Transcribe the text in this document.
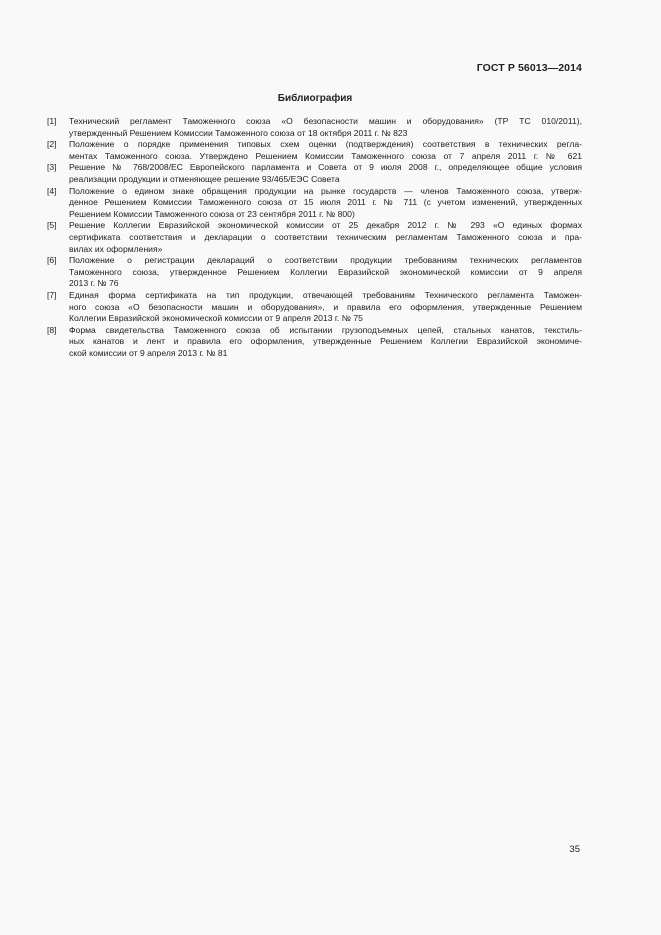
ГОСТ Р 56013—2014
Библиография
[1]	Технический регламент Таможенного союза «О безопасности машин и оборудования» (ТР ТС 010/2011),
утвержденный Решением Комиссии Таможенного союза от 18 октября 2011 г. № 823
[2]	Положение о порядке применения типовых схем оценки (подтверждения) соответствия в технических регла-
ментах Таможенного союза. Утверждено Решением Комиссии Таможенного союза от 7 апреля 2011 г. № 621
[3]	Решение № 768/2008/ЕС Европейского парламента и Совета от 9 июля 2008 г., определяющее общие условия
реализации продукции и отменяющее решение 93/465/ЕЭС Совета
[4]	Положение о едином знаке обращения продукции на рынке государств — членов Таможенного союза, утверж-
денное Решением Комиссии Таможенного союза от 15 июля 2011 г. № 711 (с учетом изменений, утвержденных
Решением Комиссии Таможенного союза от 23 сентября 2011 г. № 800)
[5]	Решение Коллегии Евразийской экономической комиссии от 25 декабря 2012 г. № 293 «О единых формах
сертификата соответствия и декларации о соответствии техническим регламентам Таможенного союза и пра-
вилах их оформления»
[6]	Положение о регистрации деклараций о соответствии продукции требованиям технических регламентов
Таможенного союза, утвержденное Решением Коллегии Евразийской экономической комиссии от 9 апреля
2013 г. № 76
[7]	Единая форма сертификата на тип продукции, отвечающей требованиям Технического регламента Таможен-
ного союза «О безопасности машин и оборудования», и правила его оформления, утвержденные Решением
Коллегии Евразийской экономической комиссии от 9 апреля 2013 г. № 75
[8]	Форма свидетельства Таможенного союза об испытании грузоподъемных цепей, стальных канатов, текстиль-
ных канатов и лент и правила его оформления, утвержденные Решением Коллегии Евразийской экономиче-
ской комиссии от 9 апреля 2013 г. № 81
35
